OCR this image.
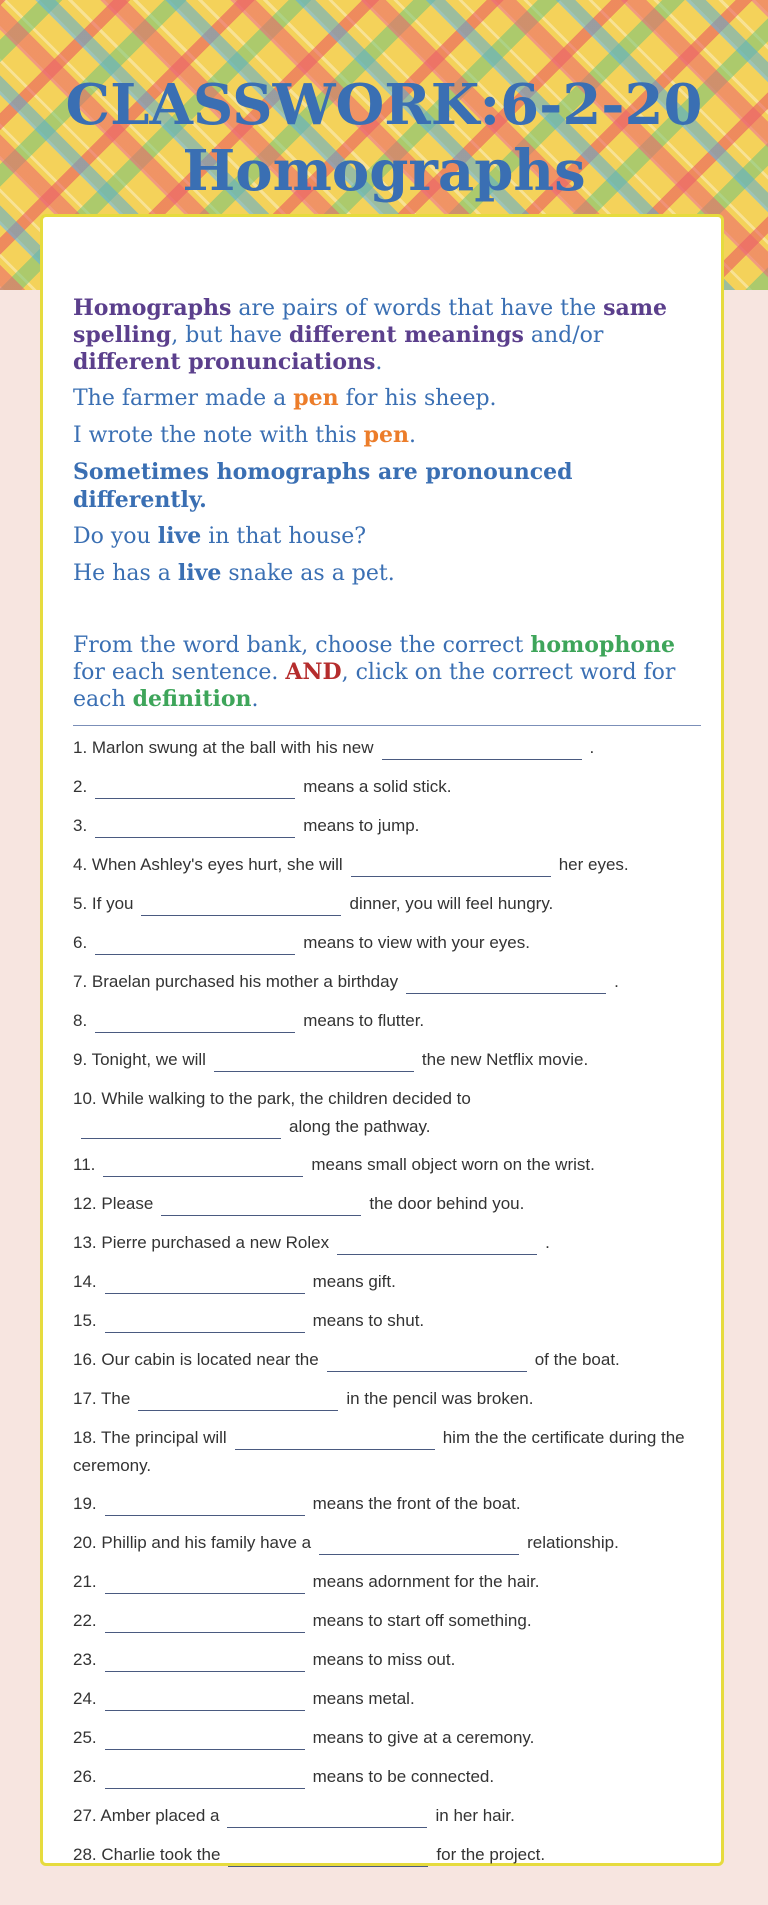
CLASSWORK:6-2-20 Homographs

Homographs are pairs of words that have the same spelling, but have different meanings and/or different pronunciations.

The farmer made a pen for his sheep.

I wrote the note with this pen.

Sometimes homographs are pronounced differently.

Do you live in that house?

He has a live snake as a pet.

From the word bank, choose the correct homophone for each sentence. AND, click on the correct word for each definition.

1. Marlon swung at the ball with his new	.
2.	means a solid stick.
3.	means to jump.
4. When Ashley's eyes hurt, she will	her eyes.
5. If you	dinner, you will feel hungry.
6.	means to view with your eyes.
7. Braelan purchased his mother a birthday	.
8.	means to flutter.
9. Tonight, we will	the new Netflix movie.
10. While walking to the park, the children decided to
along the pathway.
11.	means small object worn on the wrist.
12. Please	the door behind you.
13. Pierre purchased a new Rolex	.
14.	means gift.
15.	means to shut.
16. Our cabin is located near the	of the boat.
17. The	in the pencil was broken.
18. The principal will	him the the certificate during the ceremony.
19.	means the front of the boat.
20. Phillip and his family have a	relationship.
21.	means adornment for the hair.
22.	means to start off something.
23.	means to miss out.
24.	means metal.
25.	means to give at a ceremony.
26.	means to be connected.
27. Amber placed a	in her hair.
28. Charlie took the	for the project.
